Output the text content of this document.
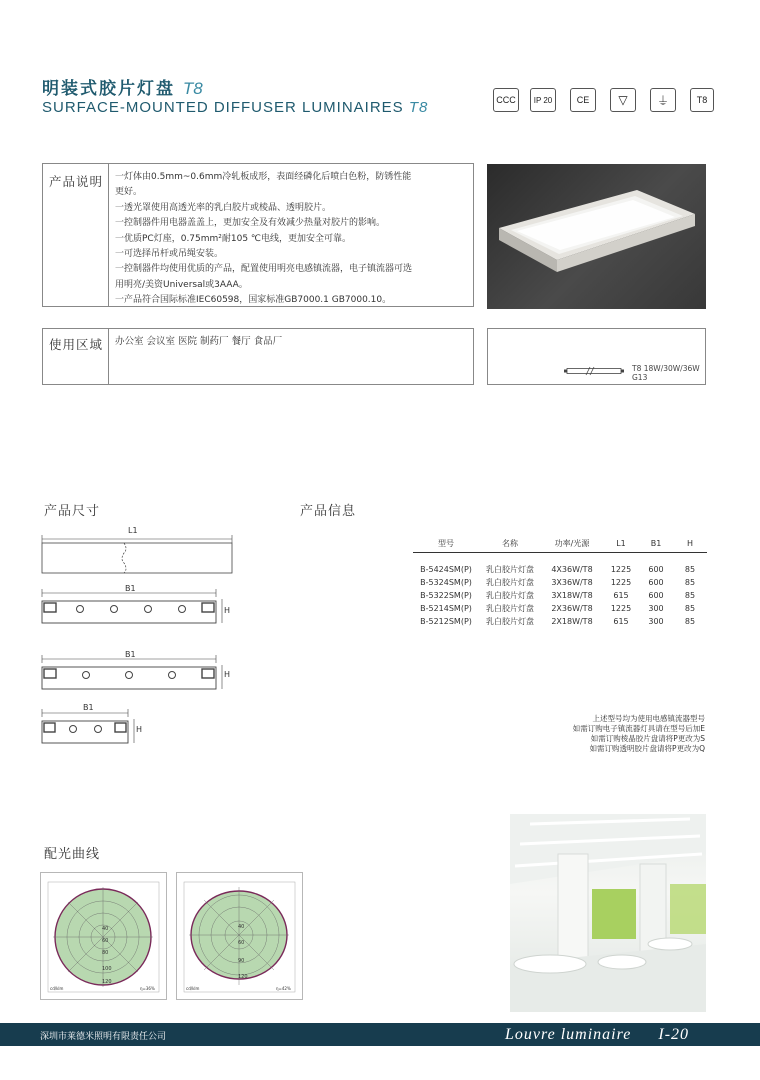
明装式胶片灯盘 T8
SURFACE-MOUNTED DIFFUSER LUMINAIRES T8	CCC	IP 20	CE	▽	⏚	T8
产品说明	一灯体由0.5mm~0.6mm冷轧板成形，表面经磷化后喷白色粉，防锈性能
更好。
一透光罩使用高透光率的乳白胶片或棱晶、透明胶片。
一控制器件用电器盖盖上，更加安全及有效减少热量对胶片的影响。
一优质PC灯座，0.75mm²耐105 ℃电线，更加安全可靠。
一可选择吊杆或吊绳安装。
一控制器件均使用优质的产品，配置使用明亮电感镇流器，电子镇流器可选
用明亮/美资Universal或3AAA。
一产品符合国际标准IEC60598，国家标准GB7000.1 GB7000.10。
使用区域	办公室 会议室 医院 制药厂 餐厅 食品厂
T8 18W/30W/36W
G13
产品尺寸	产品信息
配光曲线
L1
B1
H
B1
H
B1
H
型号	名称	功率/光源	L1	B1	H

B-5424SM(P)	乳白胶片灯盘	4X36W/T8	1225	600	85
B-5324SM(P)	乳白胶片灯盘	3X36W/T8	1225	600	85
B-5322SM(P)	乳白胶片灯盘	3X18W/T8	615	600	85
B-5214SM(P)	乳白胶片灯盘	2X36W/T8	1225	300	85
B-5212SM(P)	乳白胶片灯盘	2X18W/T8	615	300	85
上述型号均为使用电感镇流器型号
如需订购电子镇流器灯具请在型号后加E
如需订购棱晶胶片盘请将P更改为S
如需订购透明胶片盘请将P更改为Q
40
60
80
100
120
cd/klm	η=36%
40
60
90
120
cd/klm	η=42%
深圳市莱德米照明有限责任公司	Louvre luminaire I-20
